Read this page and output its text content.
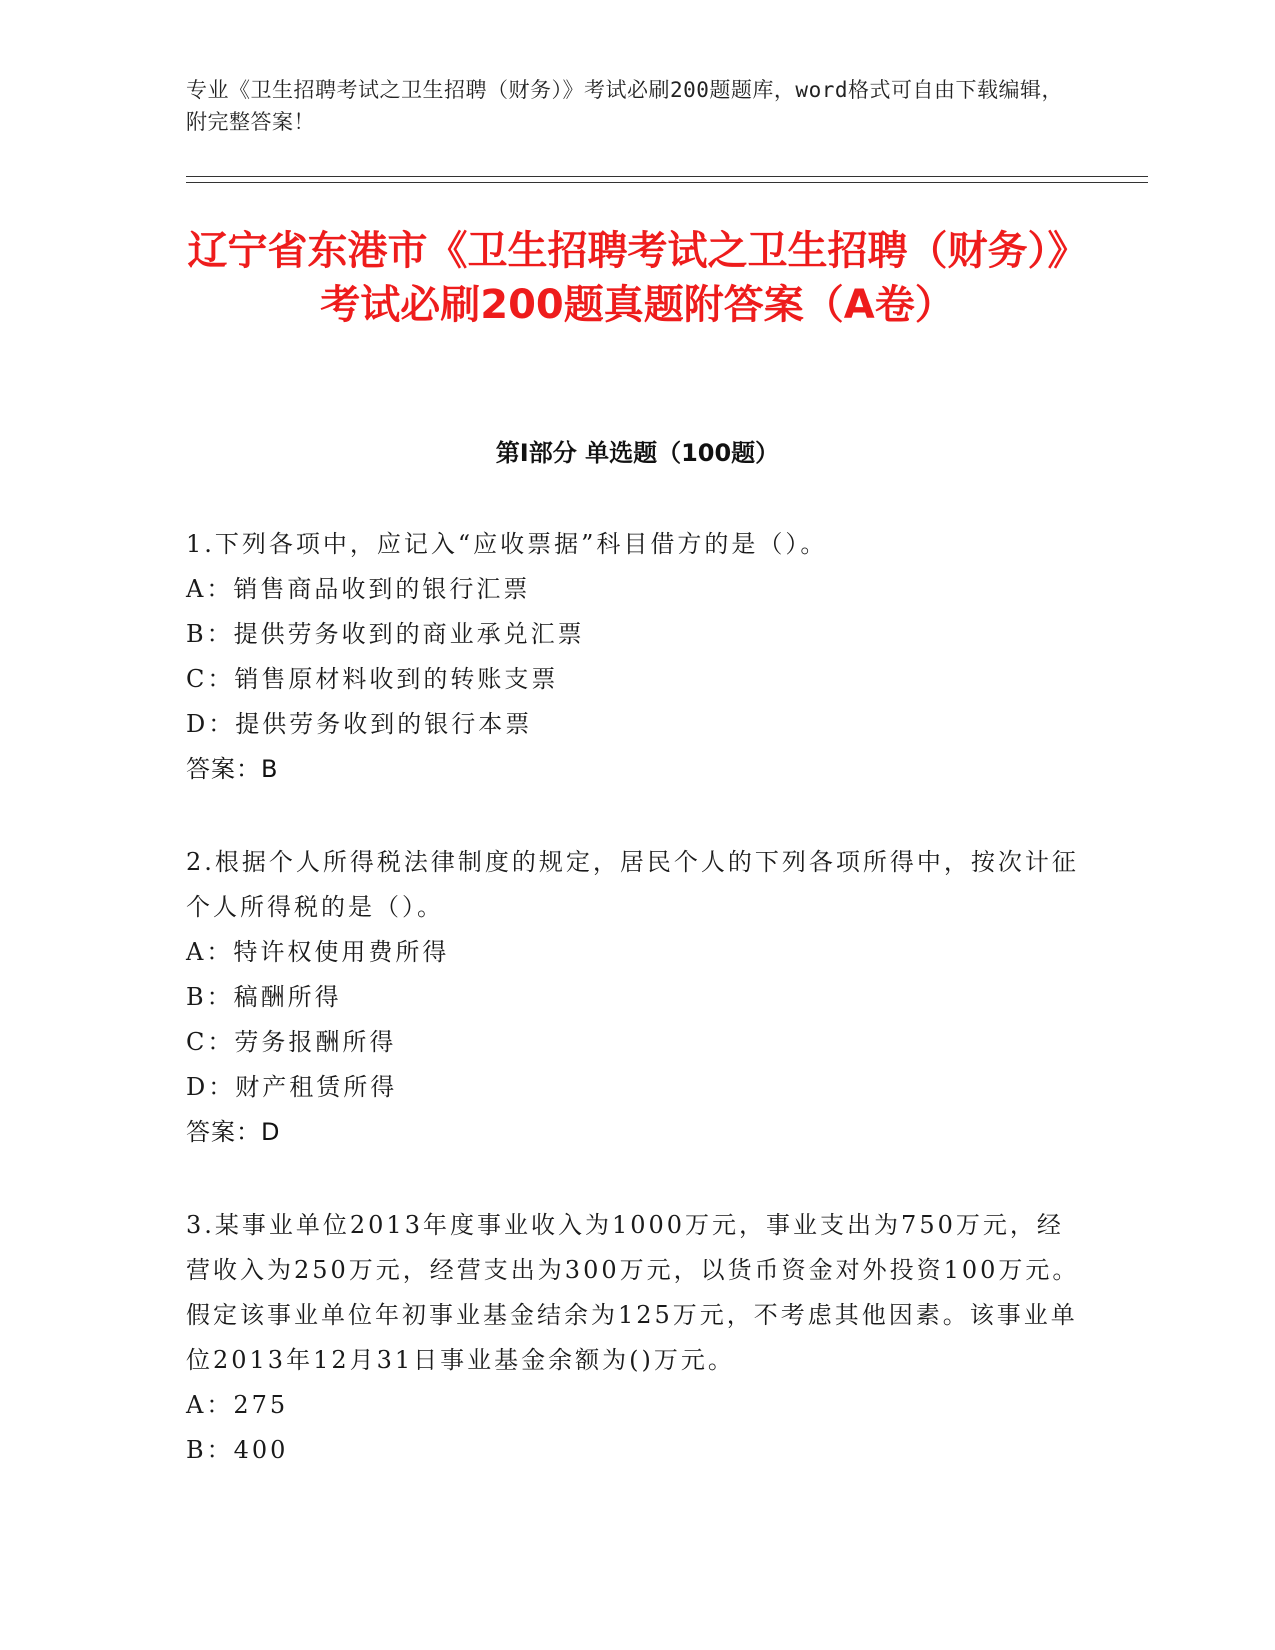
专业《卫生招聘考试之卫生招聘（财务）》考试必刷200题题库，word格式可自由下载编辑，附完整答案！
辽宁省东港市《卫生招聘考试之卫生招聘（财务）》考试必刷200题真题附答案（A卷）
第Ⅰ部分 单选题（100题）
1.下列各项中，应记入“应收票据”科目借方的是（）。
A：销售商品收到的银行汇票
B：提供劳务收到的商业承兑汇票
C：销售原材料收到的转账支票
D：提供劳务收到的银行本票
答案：B
2.根据个人所得税法律制度的规定，居民个人的下列各项所得中，按次计征个人所得税的是（）。
A：特许权使用费所得
B：稿酬所得
C：劳务报酬所得
D：财产租赁所得
答案：D
3.某事业单位2013年度事业收入为1000万元，事业支出为750万元，经营收入为250万元，经营支出为300万元，以货币资金对外投资100万元。假定该事业单位年初事业基金结余为125万元，不考虑其他因素。该事业单位2013年12月31日事业基金余额为()万元。
A：275
B：400
